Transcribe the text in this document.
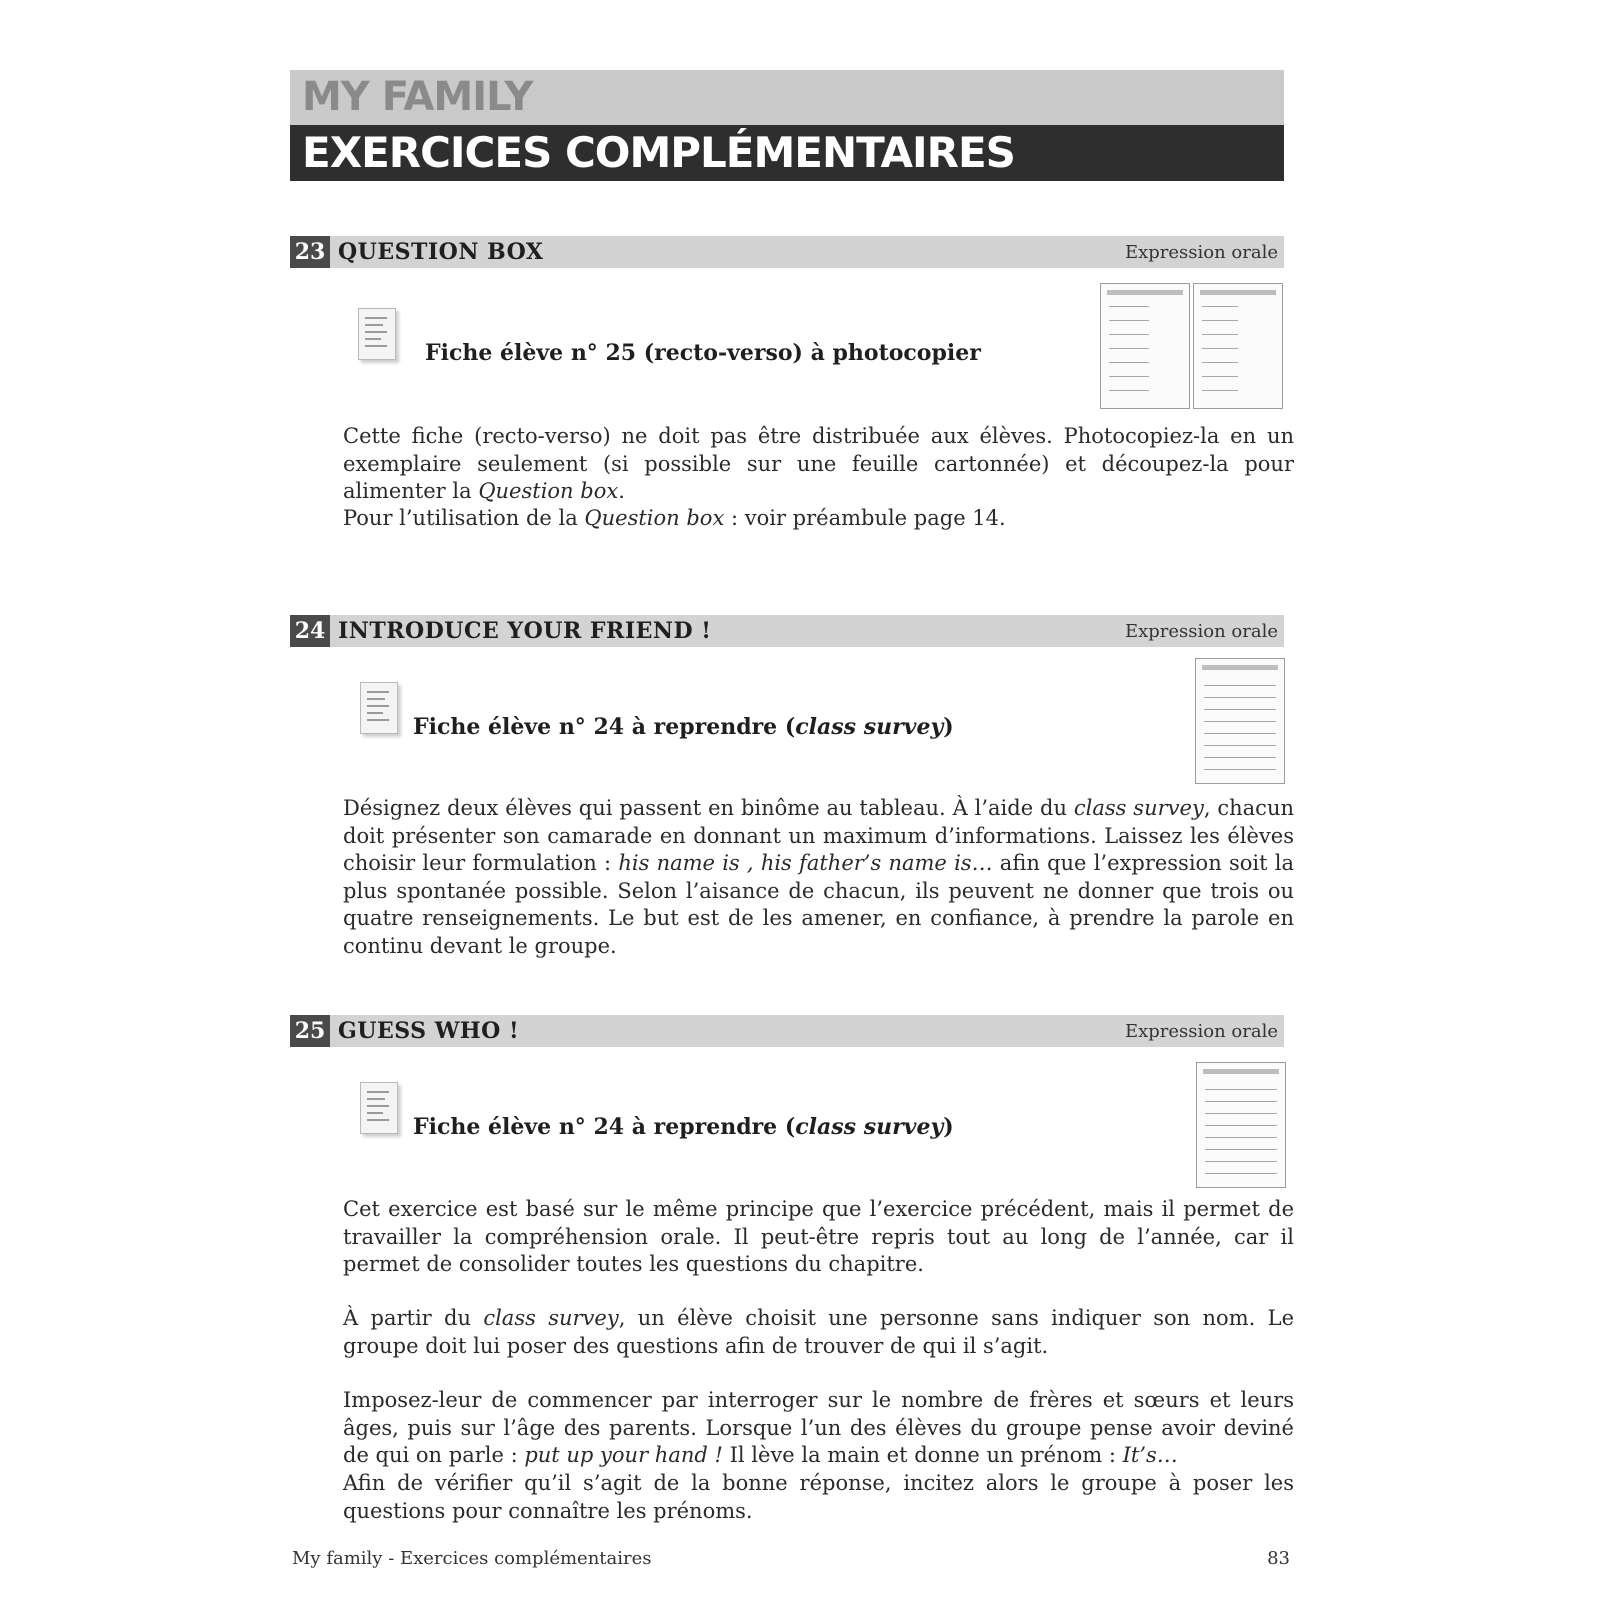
MY FAMILY
EXERCICES COMPLÉMENTAIRES
23 QUESTION BOX	Expression orale
Fiche élève n° 25 (recto-verso) à photocopier
Cette fiche (recto-verso) ne doit pas être distribuée aux élèves. Photocopiez-la en un exemplaire seulement (si possible sur une feuille cartonnée) et découpez-la pour alimenter la Question box.
Pour l’utilisation de la Question box : voir préambule page 14.
24 INTRODUCE YOUR FRIEND !	Expression orale
Fiche élève n° 24 à reprendre (class survey)
Désignez deux élèves qui passent en binôme au tableau. À l’aide du class survey, chacun doit présenter son camarade en donnant un maximum d’informations. Laissez les élèves choisir leur formulation : his name is , his father’s name is… afin que l’expression soit la plus spontanée possible. Selon l’aisance de chacun, ils peuvent ne donner que trois ou quatre renseignements. Le but est de les amener, en confiance, à prendre la parole en continu devant le groupe.
25 GUESS WHO !	Expression orale
Fiche élève n° 24 à reprendre (class survey)
Cet exercice est basé sur le même principe que l’exercice précédent, mais il permet de travailler la compréhension orale. Il peut-être repris tout au long de l’année, car il permet de consolider toutes les questions du chapitre.
À partir du class survey, un élève choisit une personne sans indiquer son nom. Le groupe doit lui poser des questions afin de trouver de qui il s’agit.
Imposez-leur de commencer par interroger sur le nombre de frères et sœurs et leurs âges, puis sur l’âge des parents. Lorsque l’un des élèves du groupe pense avoir deviné de qui on parle : put up your hand ! Il lève la main et donne un prénom : It’s…
Afin de vérifier qu’il s’agit de la bonne réponse, incitez alors le groupe à poser les questions pour connaître les prénoms.
My family - Exercices complémentaires	83
